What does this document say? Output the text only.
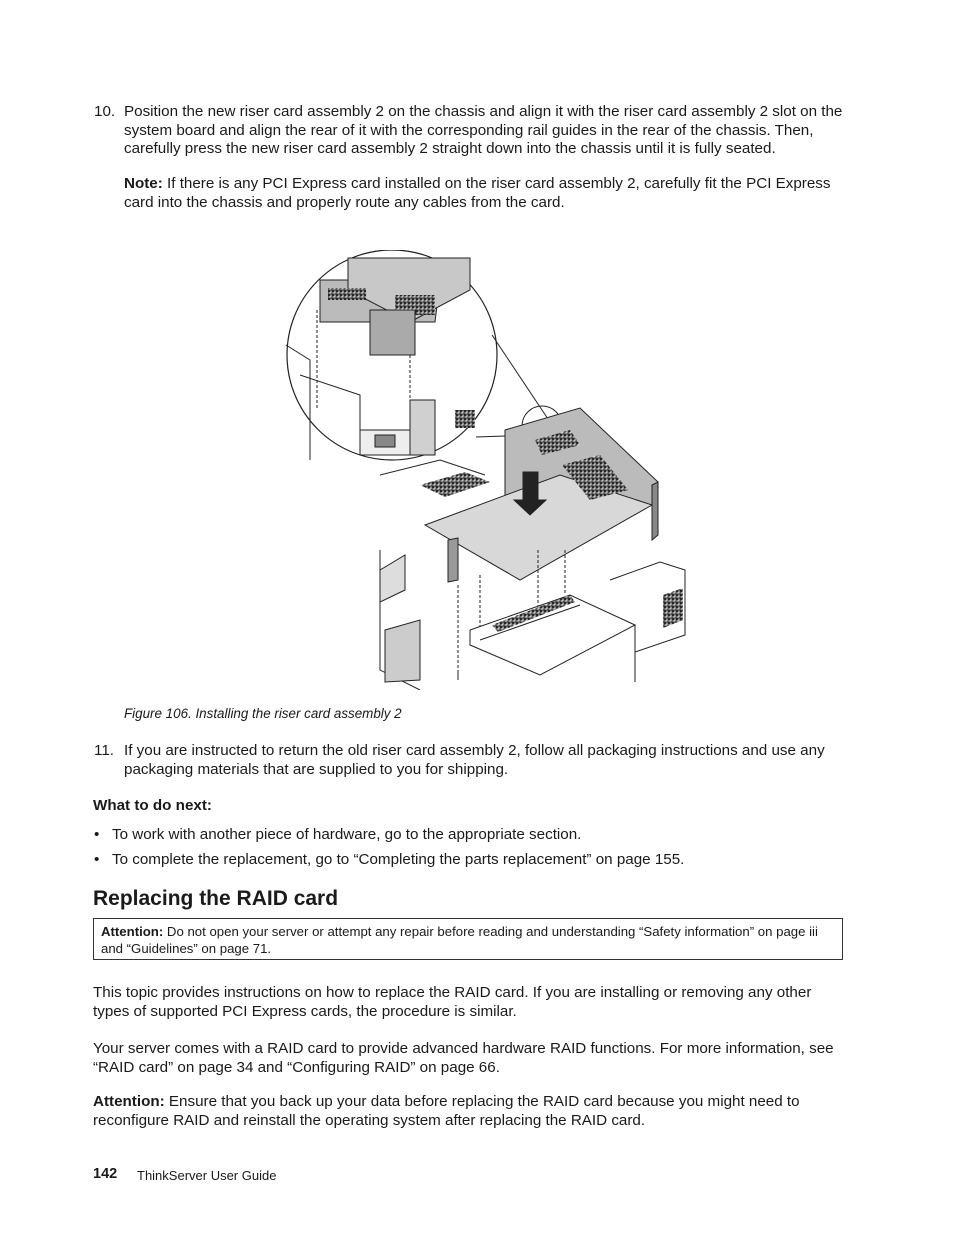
10. Position the new riser card assembly 2 on the chassis and align it with the riser card assembly 2 slot on the system board and align the rear of it with the corresponding rail guides in the rear of the chassis. Then, carefully press the new riser card assembly 2 straight down into the chassis until it is fully seated.
Note: If there is any PCI Express card installed on the riser card assembly 2, carefully fit the PCI Express card into the chassis and properly route any cables from the card.
Figure 106. Installing the riser card assembly 2
11. If you are instructed to return the old riser card assembly 2, follow all packaging instructions and use any packaging materials that are supplied to you for shipping.
What to do next:
• To work with another piece of hardware, go to the appropriate section.
• To complete the replacement, go to “Completing the parts replacement” on page 155.
Replacing the RAID card
Attention: Do not open your server or attempt any repair before reading and understanding “Safety information” on page iii and “Guidelines” on page 71.
This topic provides instructions on how to replace the RAID card. If you are installing or removing any other types of supported PCI Express cards, the procedure is similar.
Your server comes with a RAID card to provide advanced hardware RAID functions. For more information, see “RAID card” on page 34 and “Configuring RAID” on page 66.
Attention: Ensure that you back up your data before replacing the RAID card because you might need to reconfigure RAID and reinstall the operating system after replacing the RAID card.
142 ThinkServer User Guide
